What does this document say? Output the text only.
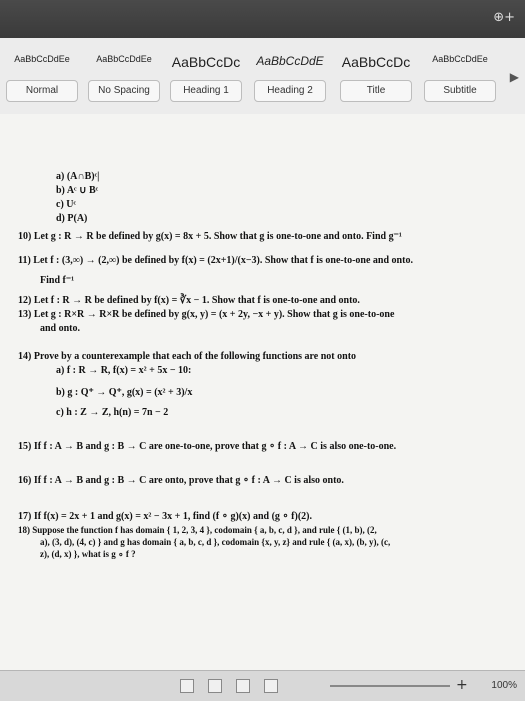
⊕+
AaBbCcDdEe
Normal
AaBbCcDdEe
No Spacing
AaBbCcDc
Heading 1
AaBbCcDdE
Heading 2
AaBbCcDc
Title
AaBbCcDdEe
Subtitle
▶

a) (A∩B)ᶜ|

b) Aᶜ ∪ Bᶜ

c) Uᶜ

d) P(A)

10) Let g : R → R be defined by g(x) = 8x + 5. Show that g is one-to-one and onto. Find g⁻¹

11) Let f : (3,∞) → (2,∞) be defined by f(x) = (2x+1)/(x−3). Show that f is one-to-one and onto.

Find f⁻¹

12) Let f : R → R be defined by f(x) = ∛x − 1. Show that f is one-to-one and onto.

13) Let g : R×R → R×R be defined by g(x, y) = (x + 2y, −x + y). Show that g is one-to-one

and onto.

14) Prove by a counterexample that each of the following functions are not onto

a) f : R → R, f(x) = x² + 5x − 10:

b) g : Q⁺ → Q⁺, g(x) = (x² + 3)/x

c) h : Z → Z, h(n) = 7n − 2

15) If f : A → B and g : B → C are one-to-one, prove that g ∘ f : A → C is also one-to-one.

16) If f : A → B and g : B → C are onto, prove that g ∘ f : A → C is also onto.

17) If f(x) = 2x + 1 and g(x) = x² − 3x + 1, find (f ∘ g)(x) and (g ∘ f)(2).

18) Suppose the function f has domain { 1, 2, 3, 4 }, codomain { a, b, c, d }, and rule { (1, b), (2,

a), (3, d), (4, c) } and g has domain { a, b, c, d }, codomain {x, y, z} and rule { (a, x), (b, y), (c,

z), (d, x) }, what is g ∘ f ?

+ 100%
